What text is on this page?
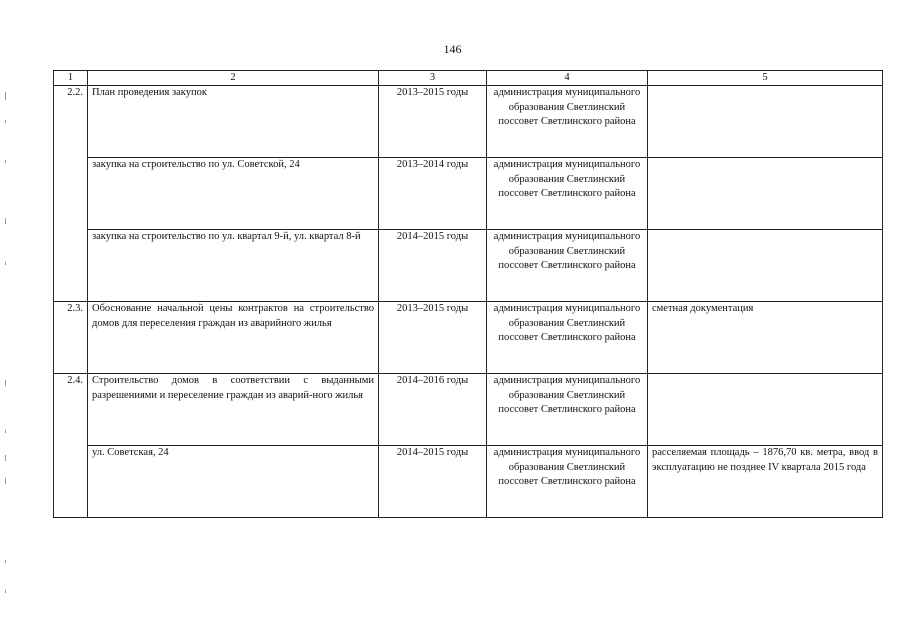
146
1	2	3	4	5
2.2.	План проведения закупок	2013–2015 годы	администрация муниципального образования Светлинский поссовет Светлинского района	
	закупка на строительство по ул. Советской, 24	2013–2014 годы	администрация муниципального образования Светлинский поссовет Светлинского района	
	закупка на строительство по ул. квартал 9-й, ул. квартал 8-й	2014–2015 годы	администрация муниципального образования Светлинский поссовет Светлинского района	
2.3.	Обоснование начальной цены контрактов на строительство домов для переселения граждан из аварийного жилья	2013–2015 годы	администрация муниципального образования Светлинский поссовет Светлинского района	сметная документация
2.4.	Строительство домов в соответствии с выданными разрешениями и переселение граждан из аварий-ного жилья	2014–2016 годы	администрация муниципального образования Светлинский поссовет Светлинского района	
	ул. Советская, 24	2014–2015 годы	администрация муниципального образования Светлинский поссовет Светлинского района	расселяемая площадь – 1876,70 кв. метра, ввод в эксплуатацию не позднее IV квартала 2015 года
